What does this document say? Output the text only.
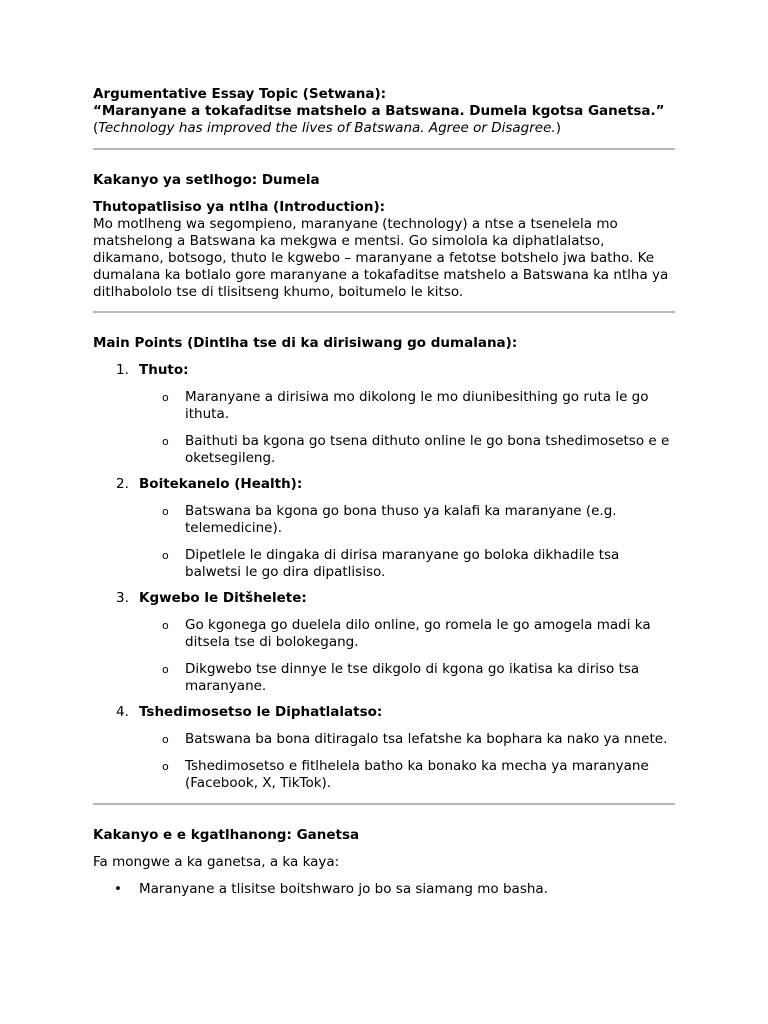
Argumentative Essay Topic (Setwana):

“Maranyane a tokafaditse matshelo a Batswana. Dumela kgotsa Ganetsa.”

(Technology has improved the lives of Batswana. Agree or Disagree.)

Kakanyo ya setlhogo: Dumela

Thutopatlisiso ya ntlha (Introduction):

Mo motlheng wa segompieno, maranyane (technology) a ntse a tsenelela mo matshelong a Batswana ka mekgwa e mentsi. Go simolola ka diphatlalatso, dikamano, botsogo, thuto le kgwebo – maranyane a fetotse botshelo jwa batho. Ke dumalana ka botlalo gore maranyane a tokafaditse matshelo a Batswana ka ntlha ya ditlhabololo tse di tlisitseng khumo, boitumelo le kitso.

Main Points (Dintlha tse di ka dirisiwang go dumalana):

1. Thuto:
o Maranyane a dirisiwa mo dikolong le mo diunibesithing go ruta le go ithuta.
o Baithuti ba kgona go tsena dithuto online le go bona tshedimosetso e e oketsegileng.
2. Boitekanelo (Health):
o Batswana ba kgona go bona thuso ya kalafi ka maranyane (e.g. telemedicine).
o Dipetlele le dingaka di dirisa maranyane go boloka dikhadile tsa balwetsi le go dira dipatlisiso.
3. Kgwebo le Ditšhelete:
o Go kgonega go duelela dilo online, go romela le go amogela madi ka ditsela tse di bolokegang.
o Dikgwebo tse dinnye le tse dikgolo di kgona go ikatisa ka diriso tsa maranyane.
4. Tshedimosetso le Diphatlalatso:
o Batswana ba bona ditiragalo tsa lefatshe ka bophara ka nako ya nnete.
o Tshedimosetso e fitlhelela batho ka bonako ka mecha ya maranyane (Facebook, X, TikTok).

Kakanyo e e kgatlhanong: Ganetsa

Fa mongwe a ka ganetsa, a ka kaya:

• Maranyane a tlisitse boitshwaro jo bo sa siamang mo basha.
